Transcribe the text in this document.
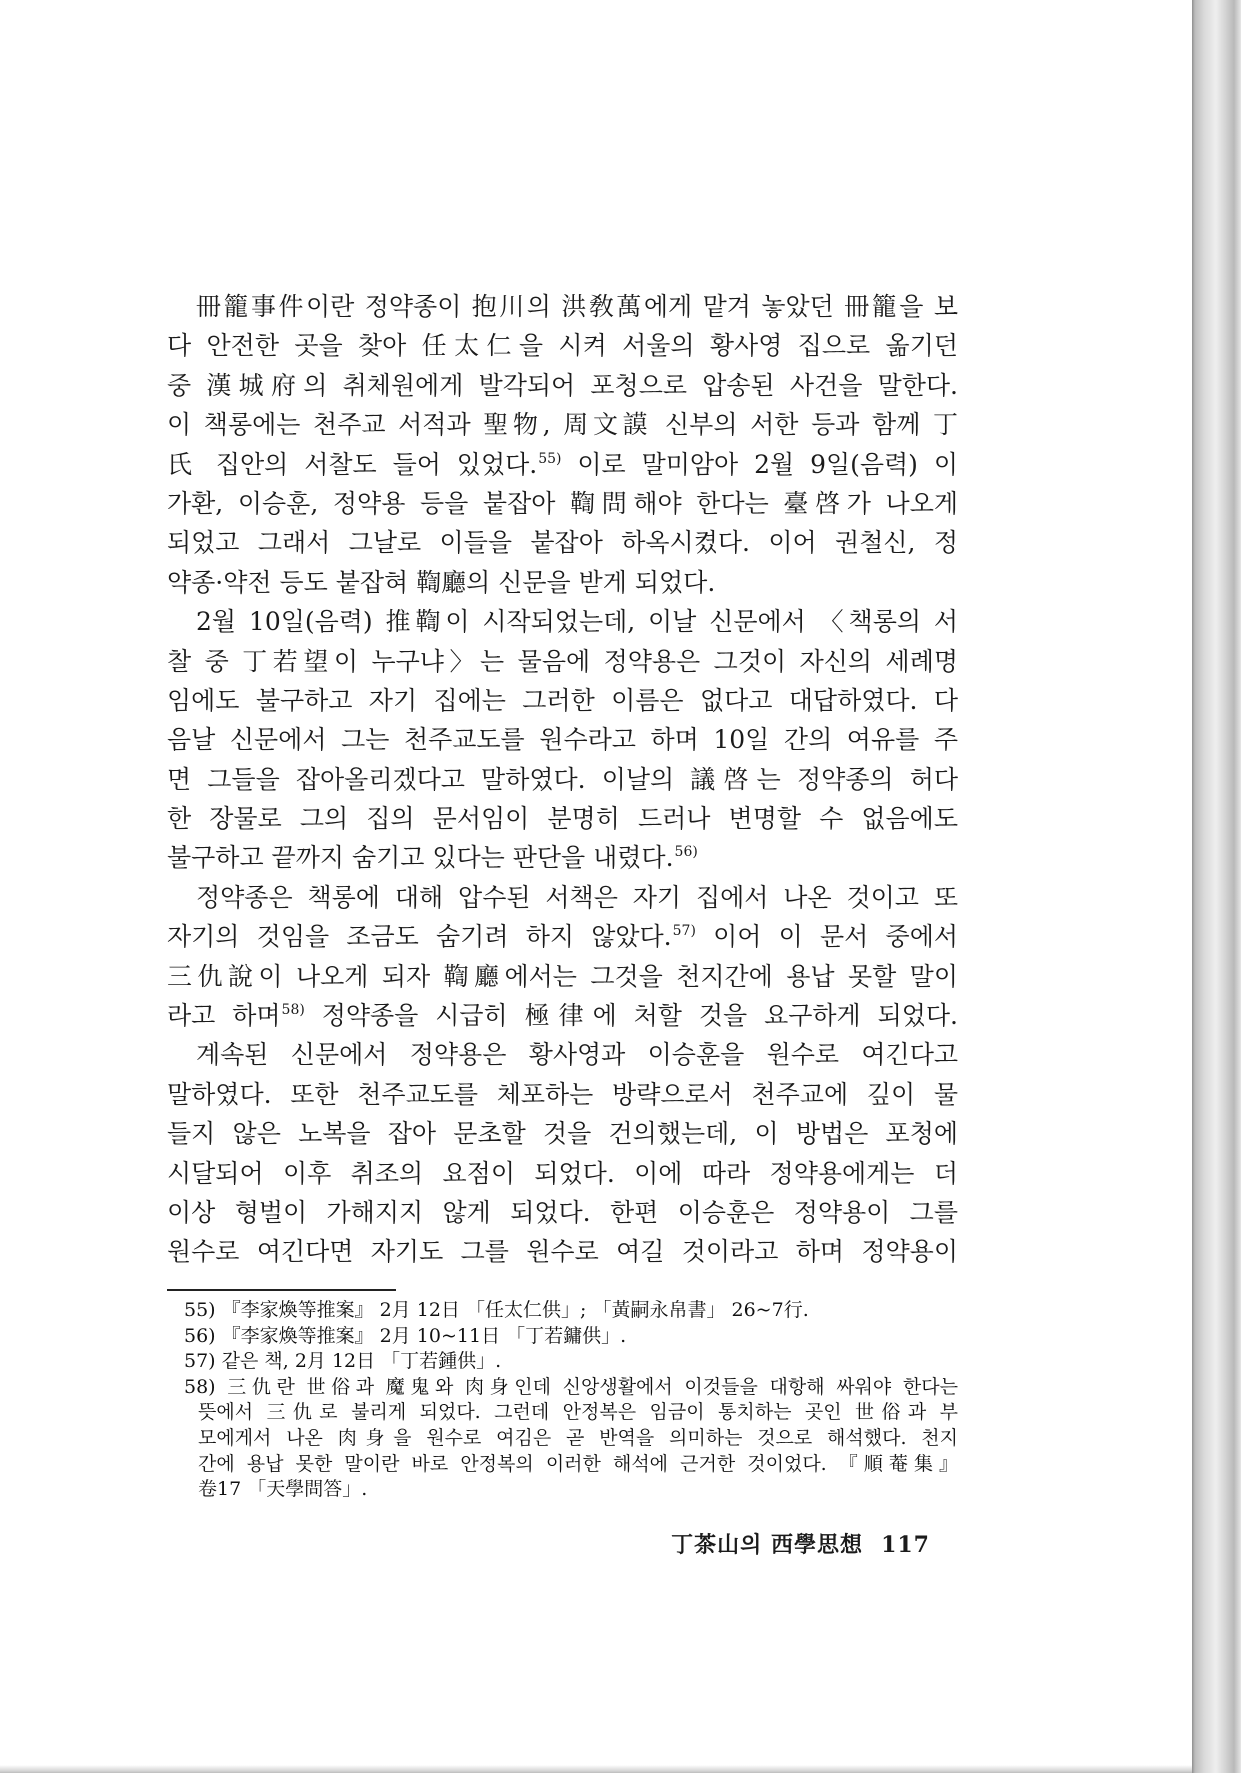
冊籠事件이란 정약종이 抱川의 洪敎萬에게 맡겨 놓았던 冊籠을 보
다 안전한 곳을 찾아 任太仁을 시켜 서울의 황사영 집으로 옮기던
중 漢城府의 취체원에게 발각되어 포청으로 압송된 사건을 말한다.
이 책롱에는 천주교 서적과 聖物, 周文謨 신부의 서한 등과 함께 丁
氏 집안의 서찰도 들어 있었다.$^{55)}$ 이로 말미암아 2월 9일(음력) 이
가환, 이승훈, 정약용 등을 붙잡아 鞫問해야 한다는 臺啓가 나오게
되었고 그래서 그날로 이들을 붙잡아 하옥시켰다. 이어 권철신, 정
약종·약전 등도 붙잡혀 鞫廳의 신문을 받게 되었다.
2월 10일(음력) 推鞫이 시작되었는데, 이날 신문에서 〈책롱의 서
찰 중 丁若望이 누구냐〉는 물음에 정약용은 그것이 자신의 세례명
임에도 불구하고 자기 집에는 그러한 이름은 없다고 대답하였다. 다
음날 신문에서 그는 천주교도를 원수라고 하며 10일 간의 여유를 주
면 그들을 잡아올리겠다고 말하였다. 이날의 議啓는 정약종의 허다
한 장물로 그의 집의 문서임이 분명히 드러나 변명할 수 없음에도
불구하고 끝까지 숨기고 있다는 판단을 내렸다.$^{56)}$
정약종은 책롱에 대해 압수된 서책은 자기 집에서 나온 것이고 또
자기의 것임을 조금도 숨기려 하지 않았다.$^{57)}$ 이어 이 문서 중에서
三仇說이 나오게 되자 鞫廳에서는 그것을 천지간에 용납 못할 말이
라고 하며$^{58)}$ 정약종을 시급히 極律에 처할 것을 요구하게 되었다.
계속된 신문에서 정약용은 황사영과 이승훈을 원수로 여긴다고
말하였다. 또한 천주교도를 체포하는 방략으로서 천주교에 깊이 물
들지 않은 노복을 잡아 문초할 것을 건의했는데, 이 방법은 포청에
시달되어 이후 취조의 요점이 되었다. 이에 따라 정약용에게는 더
이상 형벌이 가해지지 않게 되었다. 한편 이승훈은 정약용이 그를
원수로 여긴다면 자기도 그를 원수로 여길 것이라고 하며 정약용이
55) 『李家煥等推案』 2月 12日 「任太仁供」; 「黃嗣永帛書」 26~7行.
56) 『李家煥等推案』 2月 10~11日 「丁若鏞供」.
57) 같은 책, 2月 12日 「丁若鍾供」.
58) 三仇란 世俗과 魔鬼와 肉身인데 신앙생활에서 이것들을 대항해 싸워야 한다는
뜻에서 三仇로 불리게 되었다. 그런데 안정복은 임금이 통치하는 곳인 世俗과 부
모에게서 나온 肉身을 원수로 여김은 곧 반역을 의미하는 것으로 해석했다. 천지
간에 용납 못한 말이란 바로 안정복의 이러한 해석에 근거한 것이었다. 『順菴集』
卷17 「天學問答」.
丁茶山의 西學思想 117
